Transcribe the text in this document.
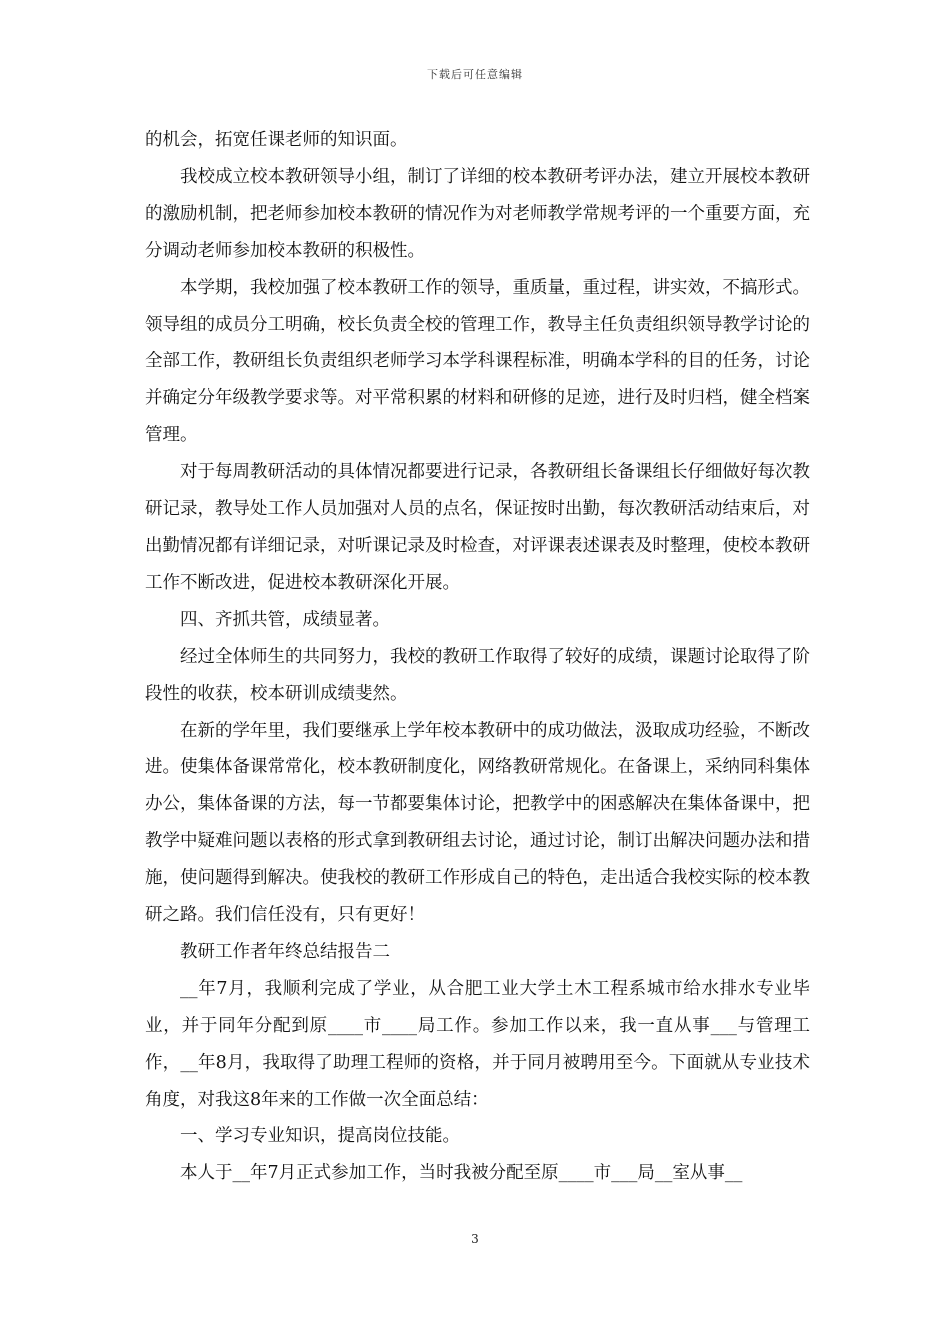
下载后可任意编辑

的机会，拓宽任课老师的知识面。

我校成立校本教研领导小组，制订了详细的校本教研考评办法，建立开展校本教研的激励机制，把老师参加校本教研的情况作为对老师教学常规考评的一个重要方面，充分调动老师参加校本教研的积极性。

本学期，我校加强了校本教研工作的领导，重质量，重过程，讲实效，不搞形式。领导组的成员分工明确，校长负责全校的管理工作，教导主任负责组织领导教学讨论的全部工作，教研组长负责组织老师学习本学科课程标准，明确本学科的目的任务，讨论并确定分年级教学要求等。对平常积累的材料和研修的足迹，进行及时归档，健全档案管理。

对于每周教研活动的具体情况都要进行记录，各教研组长备课组长仔细做好每次教研记录，教导处工作人员加强对人员的点名，保证按时出勤，每次教研活动结束后，对出勤情况都有详细记录，对听课记录及时检查，对评课表述课表及时整理，使校本教研工作不断改进，促进校本教研深化开展。

四、齐抓共管，成绩显著。

经过全体师生的共同努力，我校的教研工作取得了较好的成绩，课题讨论取得了阶段性的收获，校本研训成绩斐然。

在新的学年里，我们要继承上学年校本教研中的成功做法，汲取成功经验，不断改进。使集体备课常常化，校本教研制度化，网络教研常规化。在备课上，采纳同科集体办公，集体备课的方法，每一节都要集体讨论，把教学中的困惑解决在集体备课中，把教学中疑难问题以表格的形式拿到教研组去讨论，通过讨论，制订出解决问题办法和措施，使问题得到解决。使我校的教研工作形成自己的特色，走出适合我校实际的校本教研之路。我们信任没有，只有更好！

教研工作者年终总结报告二

__年7月，我顺利完成了学业，从合肥工业大学土木工程系城市给水排水专业毕业，并于同年分配到原____市____局工作。参加工作以来，我一直从事___与管理工作，__年8月，我取得了助理工程师的资格，并于同月被聘用至今。下面就从专业技术角度，对我这8年来的工作做一次全面总结：

一、学习专业知识，提高岗位技能。

本人于__年7月正式参加工作，当时我被分配至原____市___局__室从事__

3
